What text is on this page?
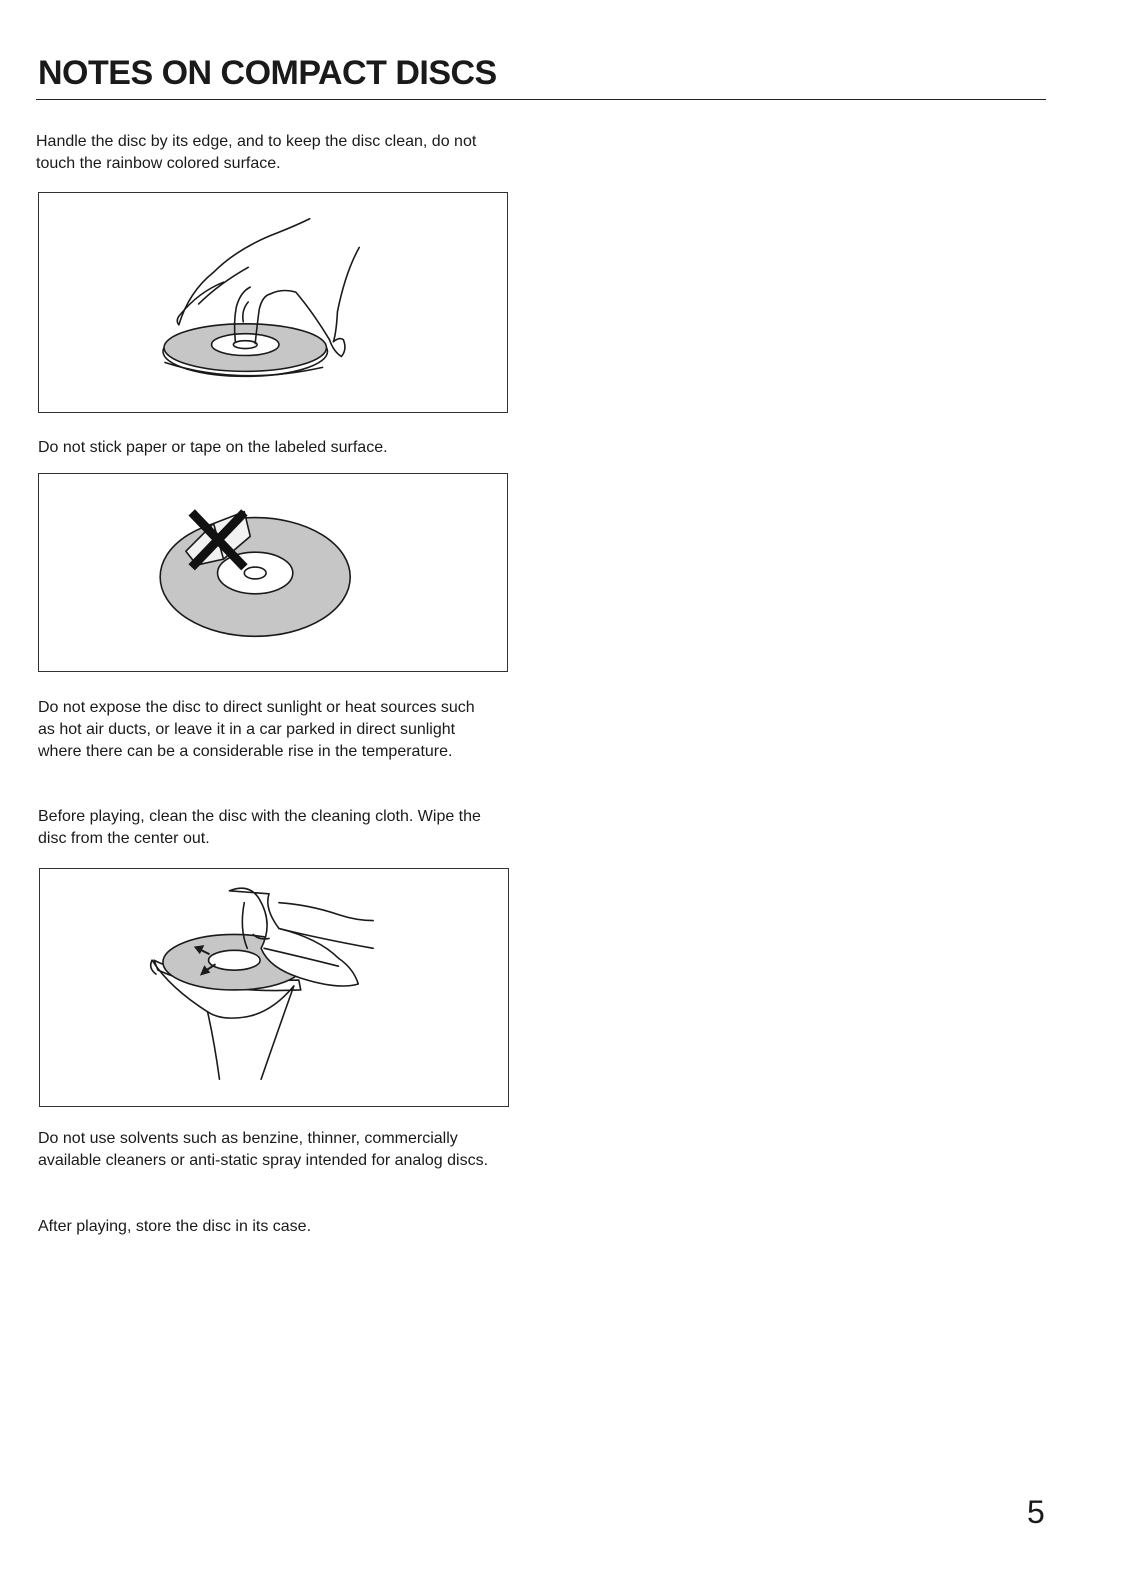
NOTES ON COMPACT DISCS

Handle the disc by its edge, and to keep the disc clean, do not touch the rainbow colored surface.

Do not stick paper or tape on the labeled surface.

Do not expose the disc to direct sunlight or heat sources such as hot air ducts, or leave it in a car parked in direct sunlight where there can be a considerable rise in the temperature.

Before playing, clean the disc with the cleaning cloth. Wipe the disc from the center out.

Do not use solvents such as benzine, thinner, commercially available cleaners or anti-static spray intended for analog discs.

After playing, store the disc in its case.

5
